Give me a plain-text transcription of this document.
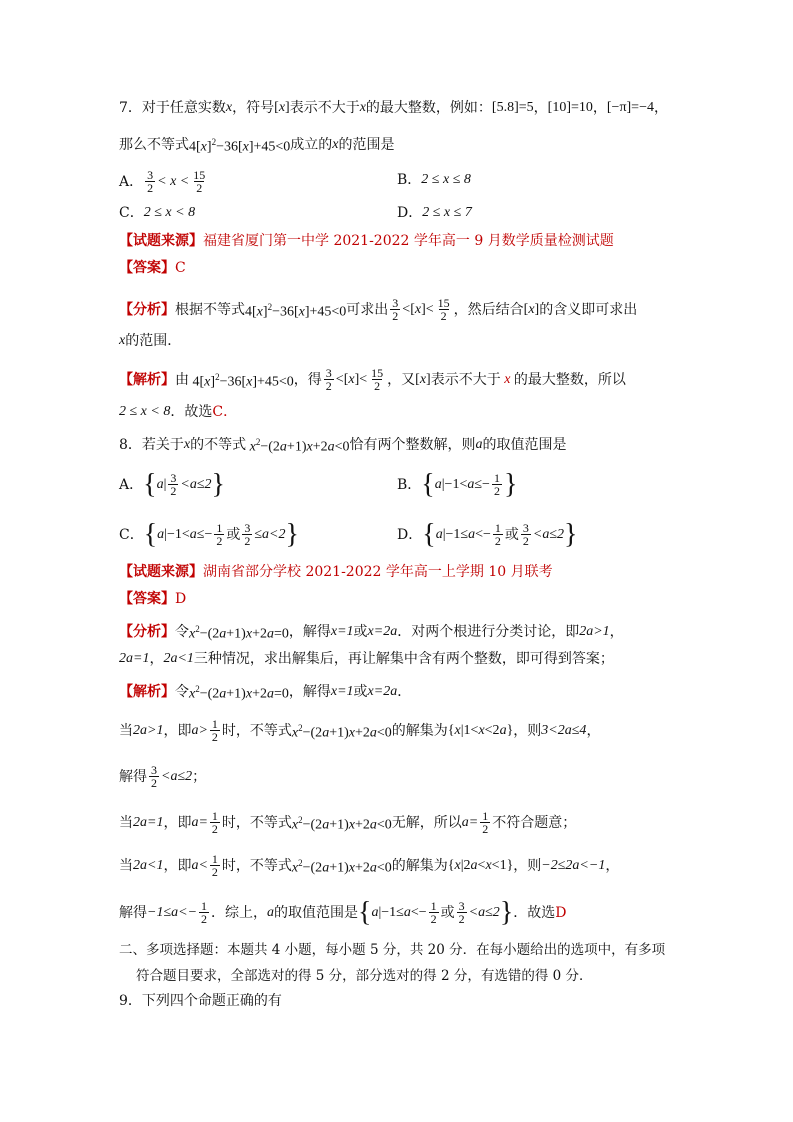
7． 对于任意实数 x ，符号 [x] 表示不大于 x 的最大整数，例如： [5.8]=5 ， [10]=10 ， [−π]=−4 ，
那么不等式 $4[x]^2-36[x]+45<0$ 成立的 x 的范围是
A． $\frac{3}{2} < x < \frac{15}{2}$	B． 2 ≤ x ≤ 8
C． 2 ≤ x < 8	D． 2 ≤ x ≤ 7
【试题来源】 福建省厦门第一中学 2021-2022 学年高一 9 月数学质量检测试题
【答案】 C
【分析】 根据不等式 $4[x]^2-36[x]+45<0$ 可求出 $\frac{3}{2} <[x]< \frac{15}{2}$ ，然后结合 [x] 的含义即可求出
x 的范围．
【解析】 由 $4[x]^2-36[x]+45<0$ ，得 $\frac{3}{2} <[x]< \frac{15}{2}$ ，又 [x] 表示不大于 x 的最大整数，所以
2 ≤ x < 8 ．故选 C．
8． 若关于 x 的不等式 $x^2-(2a+1)x+2a<0$ 恰有两个整数解，则 a 的取值范围是
A． { a | $\frac{3}{2} <a\le 2$ }	B． { a $|-1<a\le- \frac{1}{2}$ }
C． { a $|-1<a\le- \frac{1}{2}$ 或 $\frac{3}{2} \le a<2$ }	D． { a $|-1\le a<- \frac{1}{2}$ 或 $\frac{3}{2} <a\le 2$ }
【试题来源】 湖南省部分学校 2021-2022 学年高一上学期 10 月联考
【答案】 D
【分析】 令 $x^2-(2a+1)x+2a=0$ ，解得 x=1 或 x=2a ．对两个根进行分类讨论，即 2a>1 ，
2a=1 ， 2a<1 三种情况，求出解集后，再让解集中含有两个整数，即可得到答案；
【解析】 令 $x^2-(2a+1)x+2a=0$ ，解得 x=1 或 x=2a ．
当 2a>1 ，即 $a> \frac{1}{2}$ 时，不等式 $x^2-(2a+1)x+2a<0$ 的解集为 {x|1<x<2a} ，则 3<2a≤4 ，
解得 $\frac{3}{2} <a\le 2$ ；
当 2a=1 ，即 $a= \frac{1}{2}$ 时，不等式 $x^2-(2a+1)x+2a<0$ 无解，所以 $a= \frac{1}{2}$ 不符合题意；
当 2a<1 ，即 $a< \frac{1}{2}$ 时，不等式 $x^2-(2a+1)x+2a<0$ 的解集为 {x|2a<x<1} ，则 −2≤2a<−1 ，
解得 $-1\le a<- \frac{1}{2}$ ．综上， a 的取值范围是 { a $|-1\le a<- \frac{1}{2}$ 或 $\frac{3}{2} <a\le 2$ } ．故选 D
二、多项选择题：本题共 4 小题，每小题 5 分，共 20 分．在每小题给出的选项中，有多项
符合题目要求，全部选对的得 5 分，部分选对的得 2 分，有选错的得 0 分．
9． 下列四个命题正确的有
